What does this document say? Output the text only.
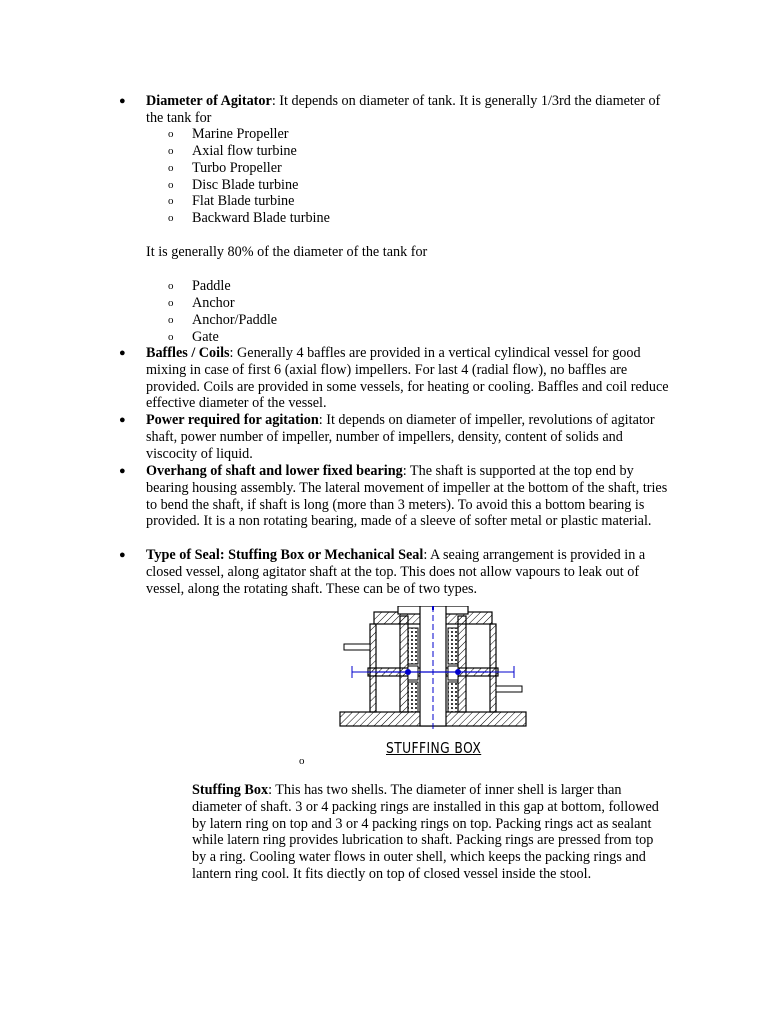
● Diameter of Agitator: It depends on diameter of tank. It is generally 1/3rd the diameter of the tank for
o Marine Propeller
o Axial flow turbine
o Turbo Propeller
o Disc Blade turbine
o Flat Blade turbine
o Backward Blade turbine
It is generally 80% of the diameter of the tank for
o Paddle
o Anchor
o Anchor/Paddle
o Gate
● Baffles / Coils: Generally 4 baffles are provided in a vertical cylindical vessel for good mixing in case of first 6 (axial flow) impellers. For last 4 (radial flow), no baffles are provided. Coils are provided in some vessels, for heating or cooling. Baffles and coil reduce effective diameter of the vessel.
● Power required for agitation: It depends on diameter of impeller, revolutions of agitator shaft, power number of impeller, number of impellers, density, content of solids and viscocity of liquid.
● Overhang of shaft and lower fixed bearing: The shaft is supported at the top end by bearing housing assembly. The lateral movement of impeller at the bottom of the shaft, tries to bend the shaft, if shaft is long (more than 3 meters). To avoid this a bottom bearing is provided. It is a non rotating bearing, made of a sleeve of softer metal or plastic material.
● Type of Seal: Stuffing Box or Mechanical Seal: A seaing arrangement is provided in a closed vessel, along agitator shaft at the top. This does not allow vapours to leak out of vessel, along the rotating shaft. These can be of two types.
STUFFING BOX
o
Stuffing Box: This has two shells. The diameter of inner shell is larger than diameter of shaft. 3 or 4 packing rings are installed in this gap at bottom, followed by latern ring on top and 3 or 4 packing rings on top. Packing rings act as sealant while latern ring provides lubrication to shaft. Packing rings are pressed from top by a ring. Cooling water flows in outer shell, which keeps the packing rings and lantern ring cool. It fits diectly on top of closed vessel inside the stool.
